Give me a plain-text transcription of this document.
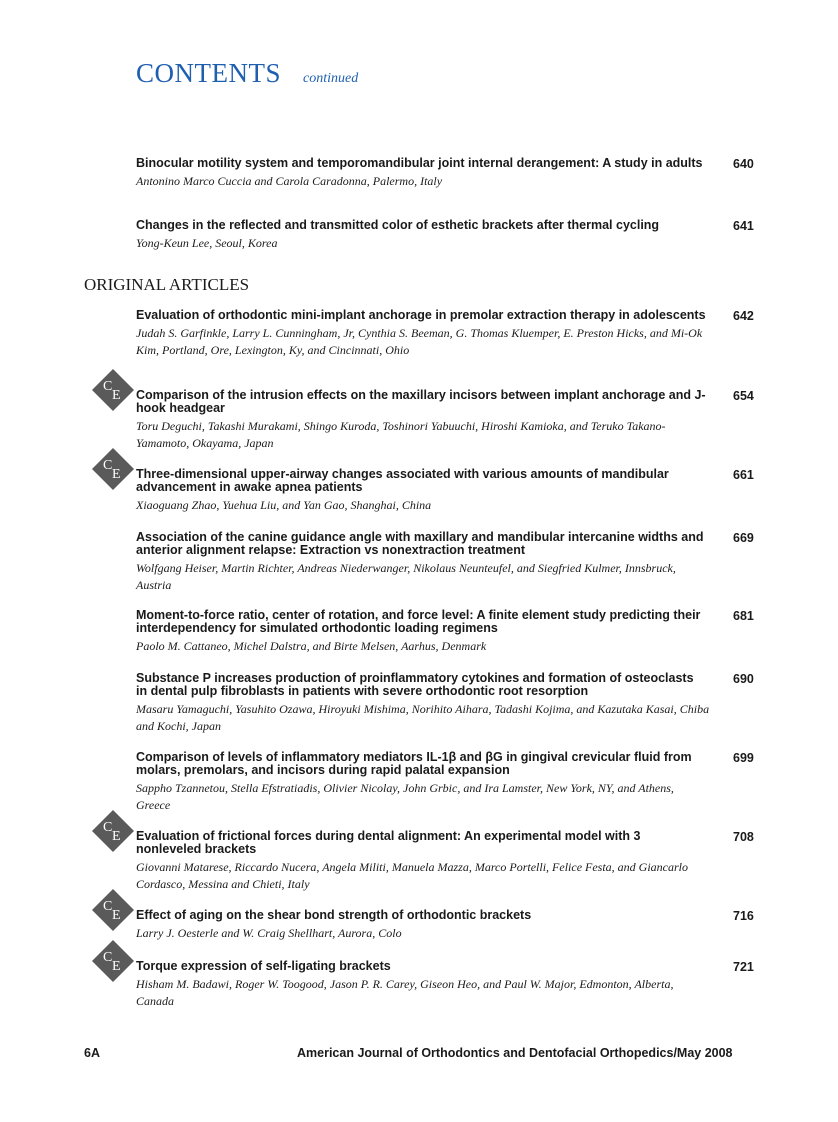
CONTENTS continued
ORIGINAL ARTICLES
Binocular motility system and temporomandibular joint internal derangement: A study in adults
Antonino Marco Cuccia and Carola Caradonna, Palermo, Italy
640
Changes in the reflected and transmitted color of esthetic brackets after thermal cycling
Yong-Keun Lee, Seoul, Korea
641
Evaluation of orthodontic mini-implant anchorage in premolar extraction therapy in adolescents
Judah S. Garfinkle, Larry L. Cunningham, Jr, Cynthia S. Beeman, G. Thomas Kluemper, E. Preston Hicks, and Mi-Ok Kim, Portland, Ore, Lexington, Ky, and Cincinnati, Ohio
642
C
E Comparison of the intrusion effects on the maxillary incisors between implant anchorage and J-hook headgear
Toru Deguchi, Takashi Murakami, Shingo Kuroda, Toshinori Yabuuchi, Hiroshi Kamioka, and Teruko Takano-Yamamoto, Okayama, Japan
654
C
E Three-dimensional upper-airway changes associated with various amounts of mandibular advancement in awake apnea patients
Xiaoguang Zhao, Yuehua Liu, and Yan Gao, Shanghai, China
661
Association of the canine guidance angle with maxillary and mandibular intercanine widths and anterior alignment relapse: Extraction vs nonextraction treatment
Wolfgang Heiser, Martin Richter, Andreas Niederwanger, Nikolaus Neunteufel, and Siegfried Kulmer, Innsbruck, Austria
669
Moment-to-force ratio, center of rotation, and force level: A finite element study predicting their interdependency for simulated orthodontic loading regimens
Paolo M. Cattaneo, Michel Dalstra, and Birte Melsen, Aarhus, Denmark
681
Substance P increases production of proinflammatory cytokines and formation of osteoclasts in dental pulp fibroblasts in patients with severe orthodontic root resorption
Masaru Yamaguchi, Yasuhito Ozawa, Hiroyuki Mishima, Norihito Aihara, Tadashi Kojima, and Kazutaka Kasai, Chiba and Kochi, Japan
690
Comparison of levels of inflammatory mediators IL-1β and βG in gingival crevicular fluid from molars, premolars, and incisors during rapid palatal expansion
Sappho Tzannetou, Stella Efstratiadis, Olivier Nicolay, John Grbic, and Ira Lamster, New York, NY, and Athens, Greece
699
C
E Evaluation of frictional forces during dental alignment: An experimental model with 3 nonleveled brackets
Giovanni Matarese, Riccardo Nucera, Angela Militi, Manuela Mazza, Marco Portelli, Felice Festa, and Giancarlo Cordasco, Messina and Chieti, Italy
708
C
E Effect of aging on the shear bond strength of orthodontic brackets
Larry J. Oesterle and W. Craig Shellhart, Aurora, Colo
716
C
E Torque expression of self-ligating brackets
Hisham M. Badawi, Roger W. Toogood, Jason P. R. Carey, Giseon Heo, and Paul W. Major, Edmonton, Alberta, Canada
721
6A	American Journal of Orthodontics and Dentofacial Orthopedics/May 2008
